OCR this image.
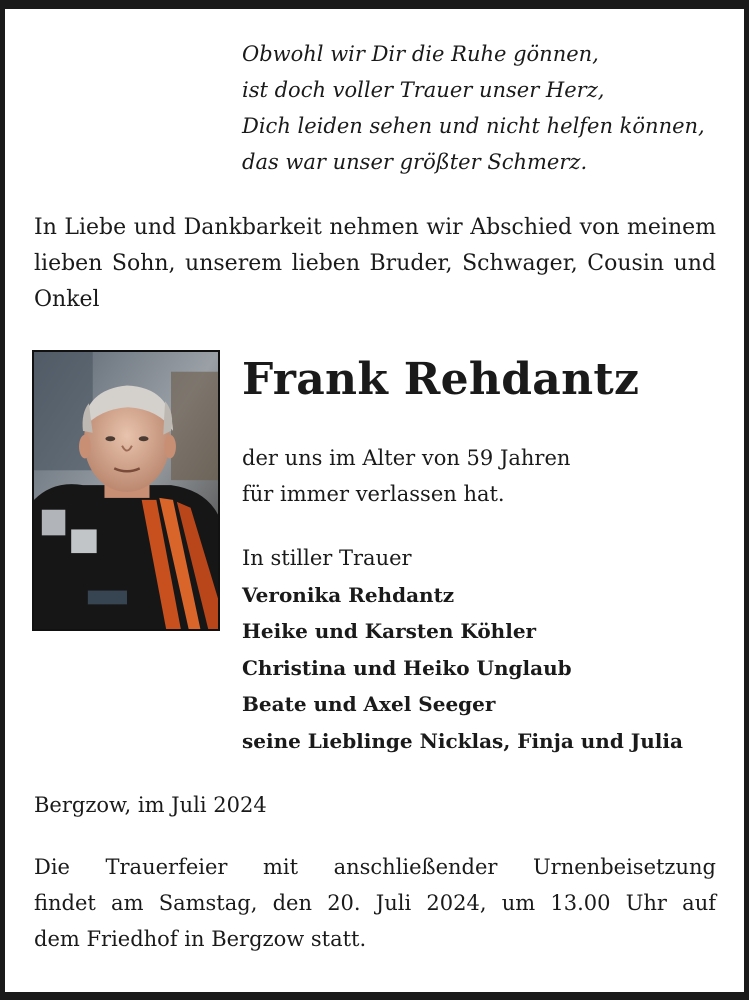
Obwohl wir Dir die Ruhe gönnen,
ist doch voller Trauer unser Herz,
Dich leiden sehen und nicht helfen können,
das war unser größter Schmerz.
In Liebe und Dankbarkeit nehmen wir Abschied von meinem lieben Sohn, unserem lieben Bruder, Schwager, Cousin und Onkel
Frank Rehdantz
der uns im Alter von 59 Jahren
für immer verlassen hat.
In stiller Trauer
Veronika Rehdantz
Heike und Karsten Köhler
Christina und Heiko Unglaub
Beate und Axel Seeger
seine Lieblinge Nicklas, Finja und Julia
Bergzow, im Juli 2024
Die Trauerfeier mit anschließender Urnenbeisetzung
findet am Samstag, den 20. Juli 2024, um 13.00 Uhr auf
dem Friedhof in Bergzow statt.
